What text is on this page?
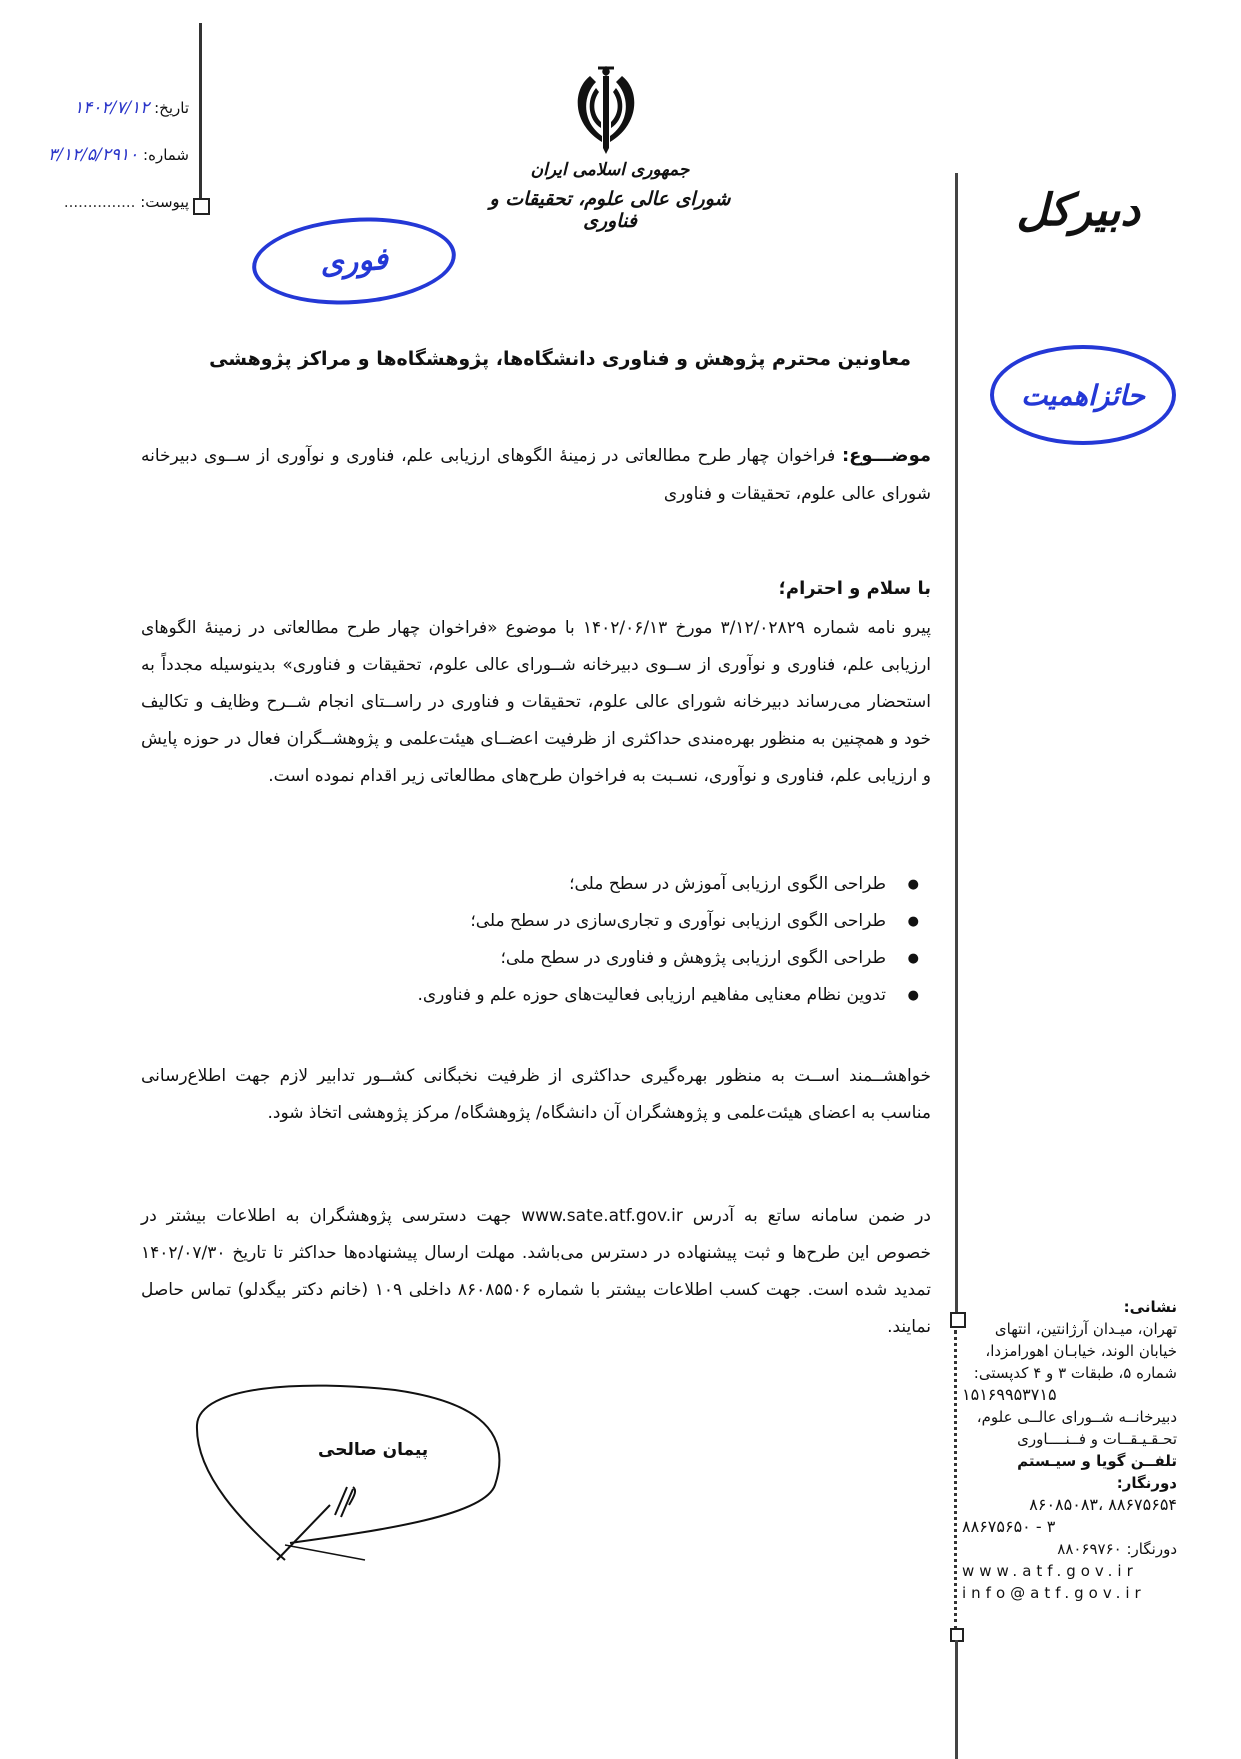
تاریخ: ۱۴۰۲/۷/۱۲
شماره: ۳/۱۲/۵/۲۹۱۰
پیوست: ...............
جمهوری اسلامی ایران
شورای عالی علوم، تحقیقات و فناوری
فوری
دبیرکل
حائزاهمیت
معاونین محترم پژوهش و فناوری دانشگاه‌ها، پژوهشگاه‌ها و مراکز پژوهشی
موضـــوع: فراخوان چهار طرح مطالعاتی در زمینهٔ الگوهای ارزیابی علم، فناوری و نوآوری از ســوی دبیرخانه شورای عالی علوم، تحقیقات و فناوری
با سلام و احترام؛
پیرو نامه شماره ۳/۱۲/۰۲۸۲۹ مورخ ۱۴۰۲/۰۶/۱۳ با موضوع «فراخوان چهار طرح مطالعاتی در زمینهٔ الگوهای ارزیابی علم، فناوری و نوآوری از ســوی دبیرخانه شــورای عالی علوم، تحقیقات و فناوری» بدینوسیله مجدداً به استحضار می‌رساند دبیرخانه شورای عالی علوم، تحقیقات و فناوری در راســتای انجام شــرح وظایف و تکالیف خود و همچنین به منظور بهره‌مندی حداکثری از ظرفیت اعضــای هیئت‌علمی و پژوهشــگران فعال در حوزه پایش و ارزیابی علم، فناوری و نوآوری، نسـبت به فراخوان طرح‌های مطالعاتی زیر اقدام نموده است.
● طراحی الگوی ارزیابی آموزش در سطح ملی؛
● طراحی الگوی ارزیابی نوآوری و تجاری‌سازی در سطح ملی؛
● طراحی الگوی ارزیابی پژوهش و فناوری در سطح ملی؛
● تدوین نظام معنایی مفاهیم ارزیابی فعالیت‌های حوزه علم و فناوری.
خواهشــمند اســت به منظور بهره‌گیری حداکثری از ظرفیت نخبگانی کشــور تدابیر لازم جهت اطلاع‌رسانی مناسب به اعضای هیئت‌علمی و پژوهشگران آن دانشگاه/ پژوهشگاه/ مرکز پژوهشی اتخاذ شود.
در ضمن سامانه ساتع به آدرس www.sate.atf.gov.ir جهت دسترسی پژوهشگران به اطلاعات بیشتر در خصوص این طرح‌ها و ثبت پیشنهاده در دسترس می‌باشد. مهلت ارسال پیشنهاده‌ها حداکثر تا تاریخ ۱۴۰۲/۰۷/۳۰ تمدید شده است. جهت کسب اطلاعات بیشتر با شماره ۸۶۰۸۵۵۰۶ داخلی ۱۰۹ (خانم دکتر بیگدلو) تماس حاصل نمایند.
پیمان صالحی
نشانی:
تهران، میـدان آرژانتین، انتهای
خیابان الوند، خیابـان اهورامزدا،
شماره ۵، طبقات ۳ و ۴ کدپستی:
۱۵۱۶۹۹۵۳۷۱۵
دبیرخانــه شــورای عالــی علوم،
تحـقـیـقــات و فــنــــاوری
تلفــن گویا و سیـستم دورنگار:
۸۸۶۷۵۶۵۴ ،۸۶۰۸۵۰۸۳
۸۸۶۷۵۶۵۰ - ۳
دورنگار: ۸۸۰۶۹۷۶۰
www.atf.gov.ir
info@atf.gov.ir
